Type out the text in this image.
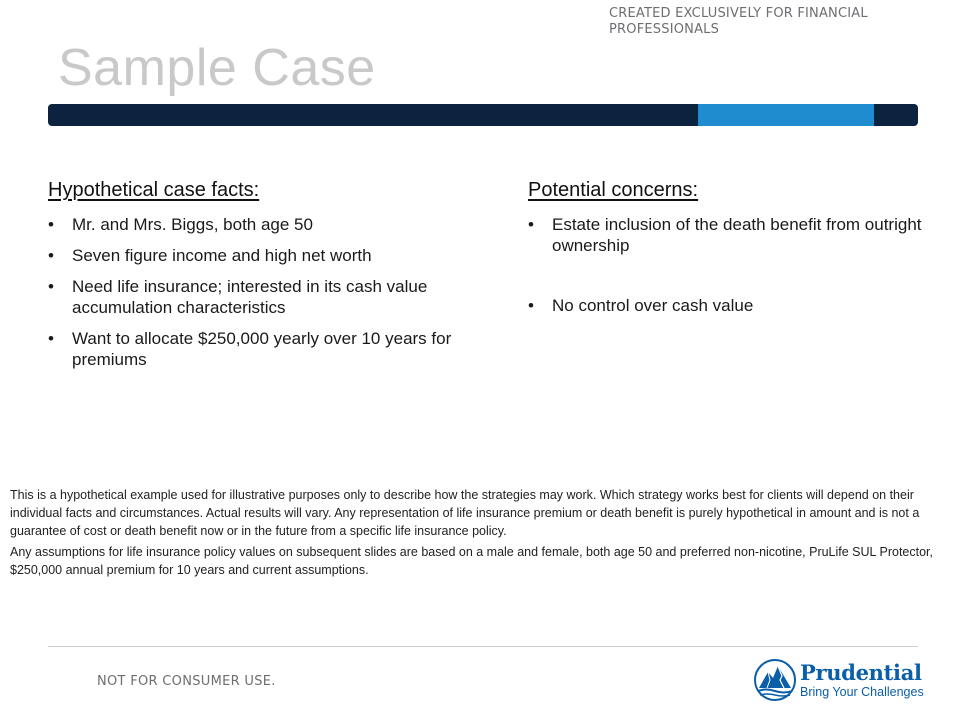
CREATED EXCLUSIVELY FOR FINANCIAL PROFESSIONALS
Sample Case
Hypothetical case facts:
• Mr. and Mrs. Biggs, both age 50
• Seven figure income and high net worth
• Need life insurance; interested in its cash value accumulation characteristics
• Want to allocate $250,000 yearly over 10 years for premiums
Potential concerns:
• Estate inclusion of the death benefit from outright ownership
• No control over cash value

This is a hypothetical example used for illustrative purposes only to describe how the strategies may work. Which strategy works best for clients will depend on their individual facts and circumstances. Actual results will vary. Any representation of life insurance premium or death benefit is purely hypothetical in amount and is not a guarantee of cost or death benefit now or in the future from a specific life insurance policy.

Any assumptions for life insurance policy values on subsequent slides are based on a male and female, both age 50 and preferred non-nicotine, PruLife SUL Protector, $250,000 annual premium for 10 years and current assumptions.

NOT FOR CONSUMER USE.	Prudential
Bring Your Challenges
